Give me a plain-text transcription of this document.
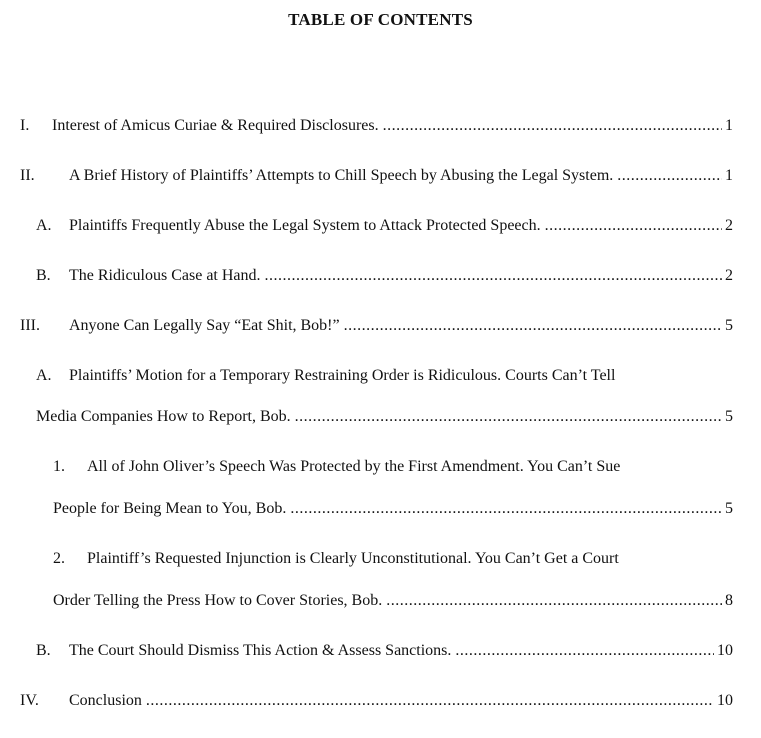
TABLE OF CONTENTS
I.	Interest of Amicus Curiae & Required Disclosures. .....	1
II.	A Brief History of Plaintiffs’ Attempts to Chill Speech by Abusing the Legal System. .....	1
A.	Plaintiffs Frequently Abuse the Legal System to Attack Protected Speech. .....	2
B.	The Ridiculous Case at Hand. .....	2
III.	Anyone Can Legally Say “Eat Shit, Bob!” .....	5
A. Plaintiffs’ Motion for a Temporary Restraining Order is Ridiculous. Courts Can’t Tell
Media Companies How to Report, Bob. .....	5
1. All of John Oliver’s Speech Was Protected by the First Amendment. You Can’t Sue
People for Being Mean to You, Bob. .....	5
2. Plaintiff’s Requested Injunction is Clearly Unconstitutional. You Can’t Get a Court
Order Telling the Press How to Cover Stories, Bob. .....	8
B.	The Court Should Dismiss This Action & Assess Sanctions. .....	10
IV.	Conclusion .....	10
